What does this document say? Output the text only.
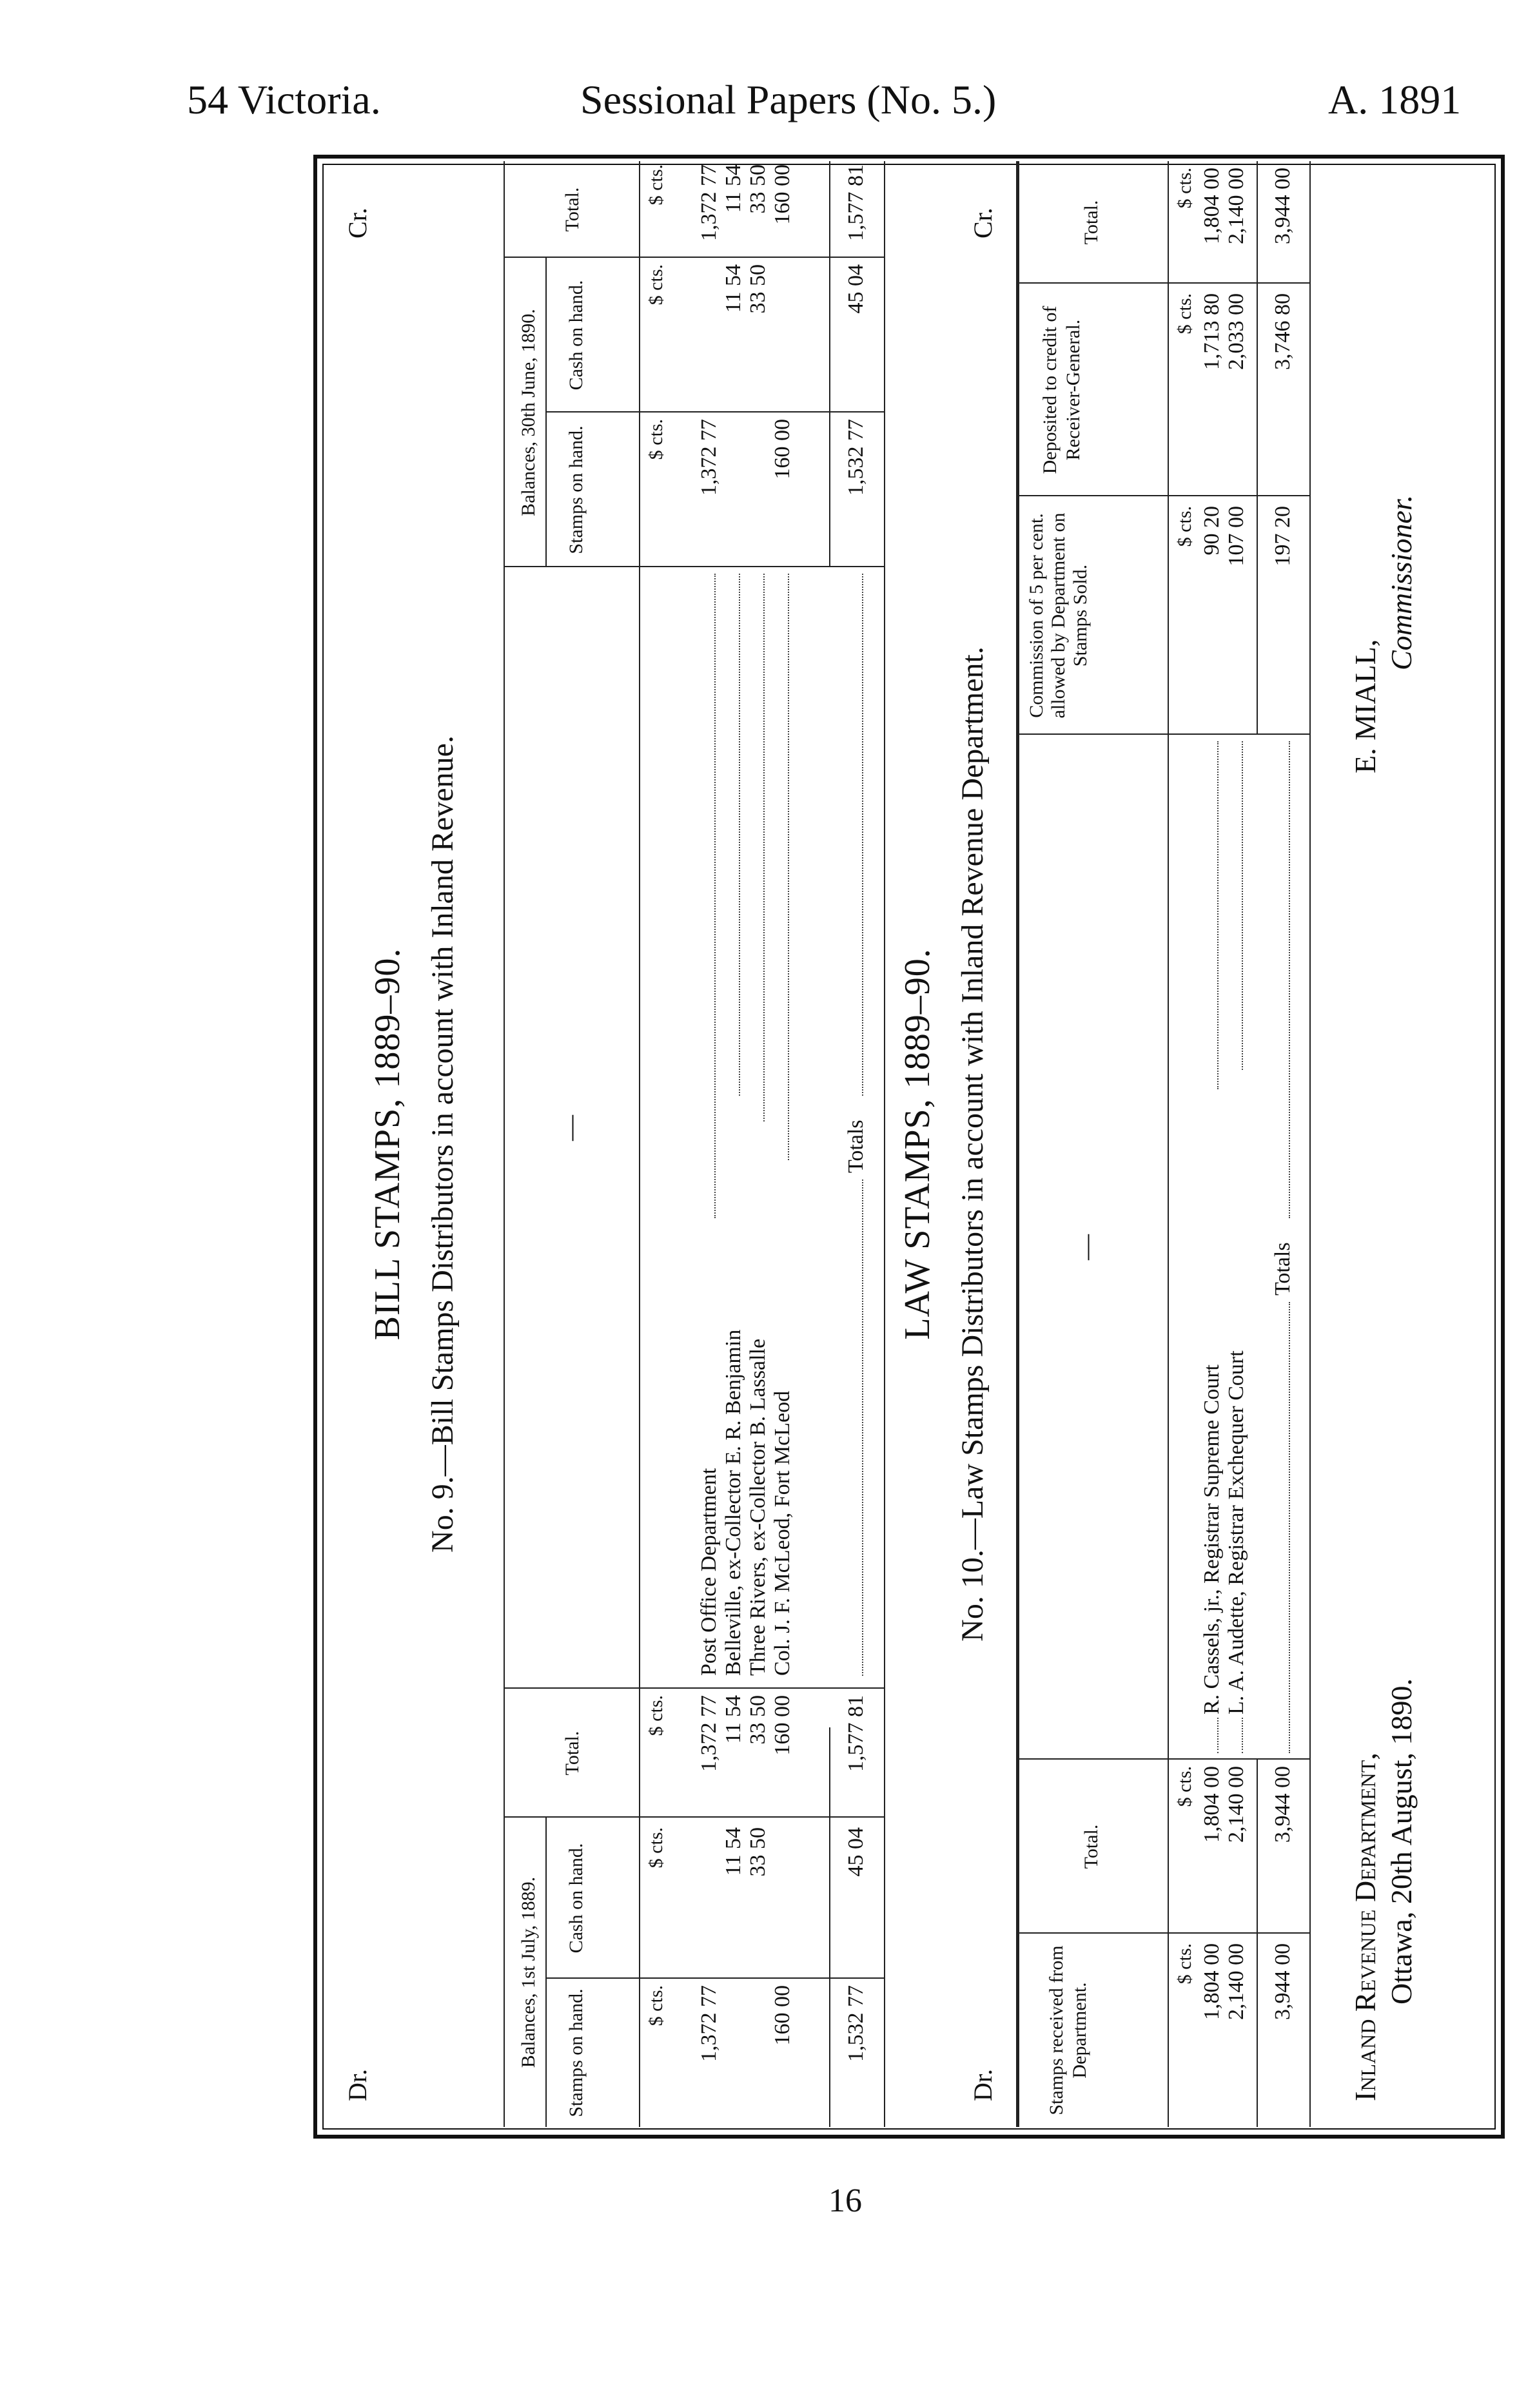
54 Victoria.	Sessional Papers (No. 5.)	A. 1891
Dr.
Cr.
BILL STAMPS, 1889–90. No. 9.—Bill Stamps Distributors in account with Inland Revenue.
Balances, 1st July, 1889. Stamps on hand.
Cash on hand.
Total.
—
Balances, 30th June, 1890. Stamps on hand.
Cash on hand.
Total.
$ cts.
$ cts.
$ cts.
$ cts.
$ cts.
$ cts.
1,372 77 160 00
11 54 33 50
1,372 77 11 54 33 50 160 00
Post Office Department Belleville, ex-Collector E. R. Benjamin Three Rivers, ex-Collector B. Lassalle Col. J. F. McLeod, Fort McLeod
1,372 77 160 00
11 54 33 50
1,372 77 11 54 33 50 160 00
1,532 77
45 04
1,577 81
Totals
1,532 77
45 04
1,577 81
LAW STAMPS, 1889–90.
Dr.
Cr.
No. 10.—Law Stamps Distributors in account with Inland Revenue Department.
Stamps received from Department.
Total.
—
Commission of 5 per cent. allowed by Department on Stamps Sold.
Deposited to credit of Receiver-General.
Total.
$ cts.
$ cts.
$ cts.
$ cts.
$ cts.
1,804 00 2,140 00
1,804 00 2,140 00
R. Cassels, jr., Registrar Supreme Court L. A. Audette, Registrar Exchequer Court
90 20 107 00
1,713 80 2,033 00
1,804 00 2,140 00
3,944 00
3,944 00
Totals
197 20
3,746 80
3,944 00
Inland Revenue Department, Ottawa, 20th August, 1890.
E. MIALL,
Commissioner.
16
